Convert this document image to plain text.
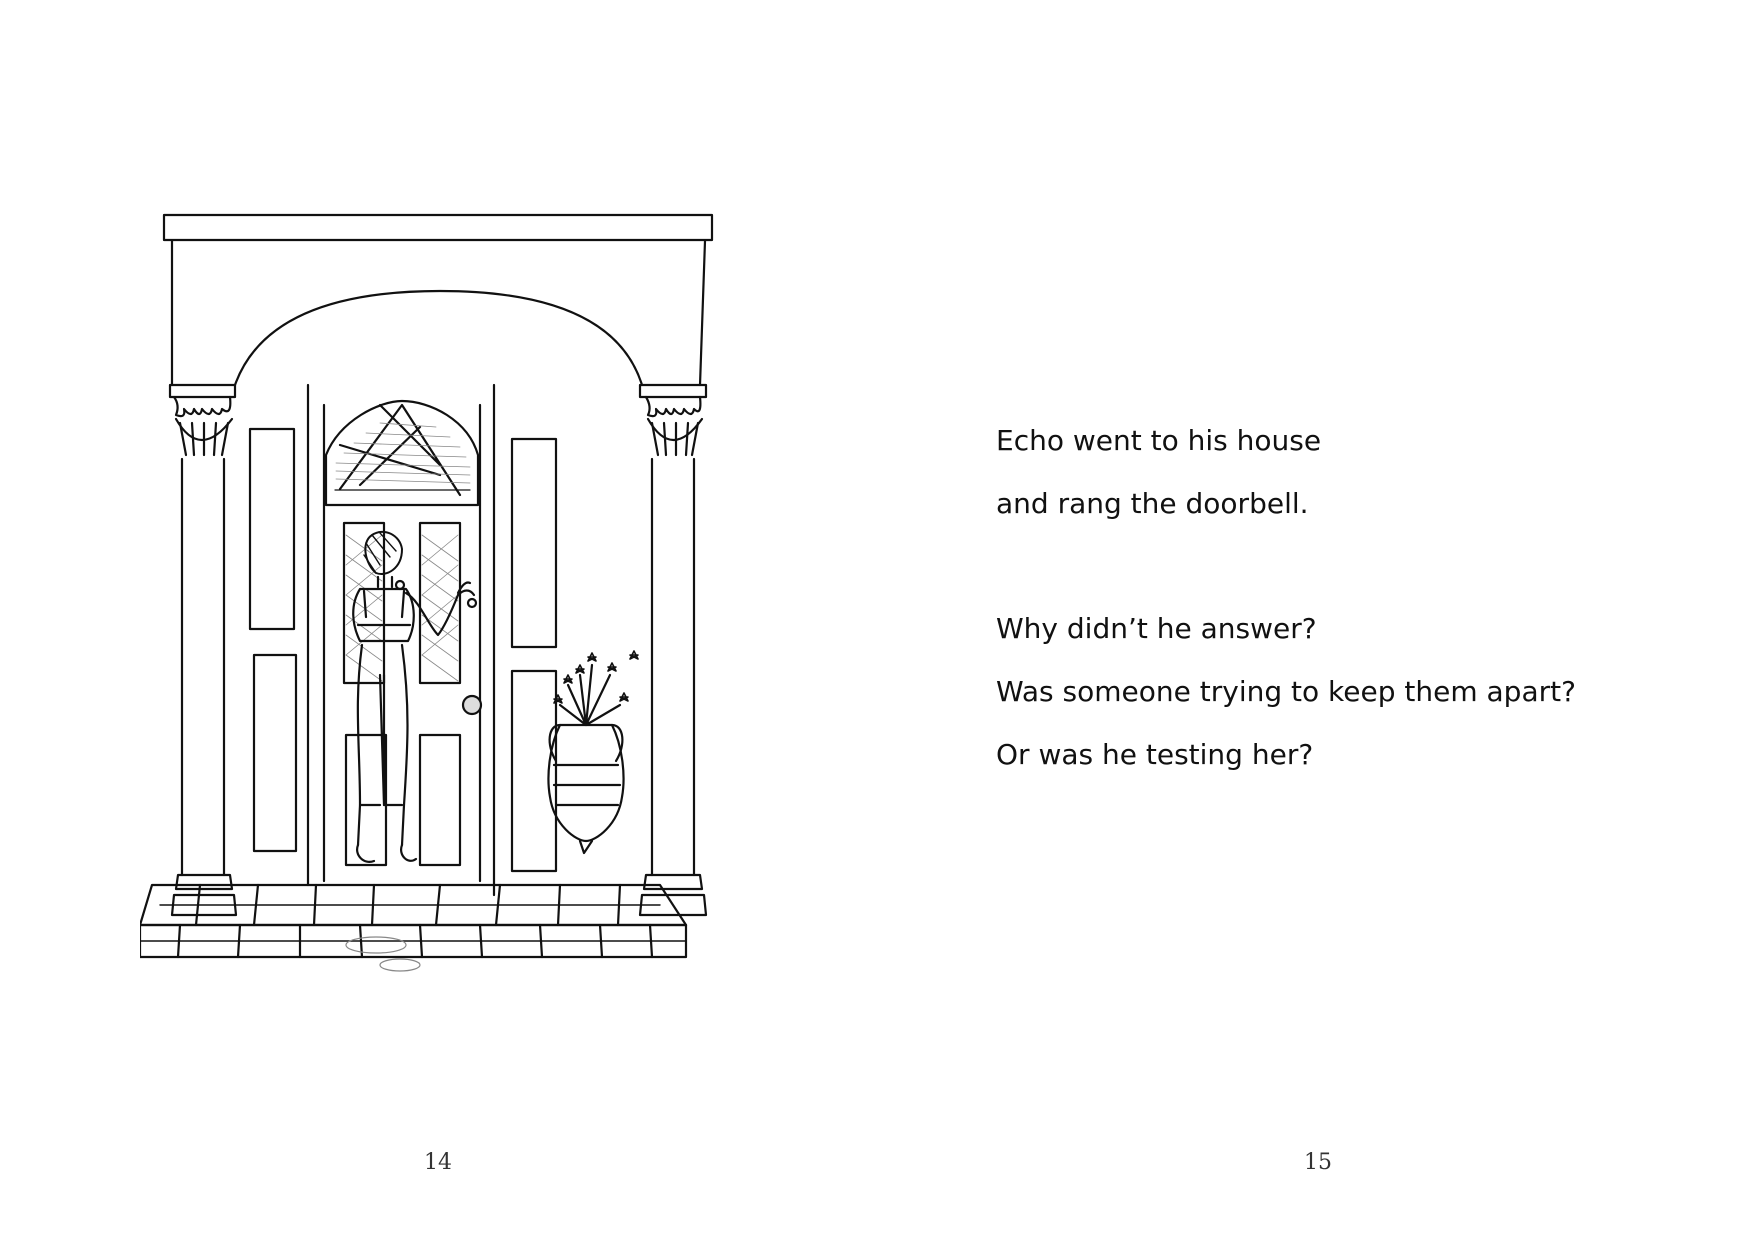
14
Echo went to his house
and rang the doorbell.
Why didn’t he answer?
Was someone trying to keep them apart?
Or was he testing her?
15
